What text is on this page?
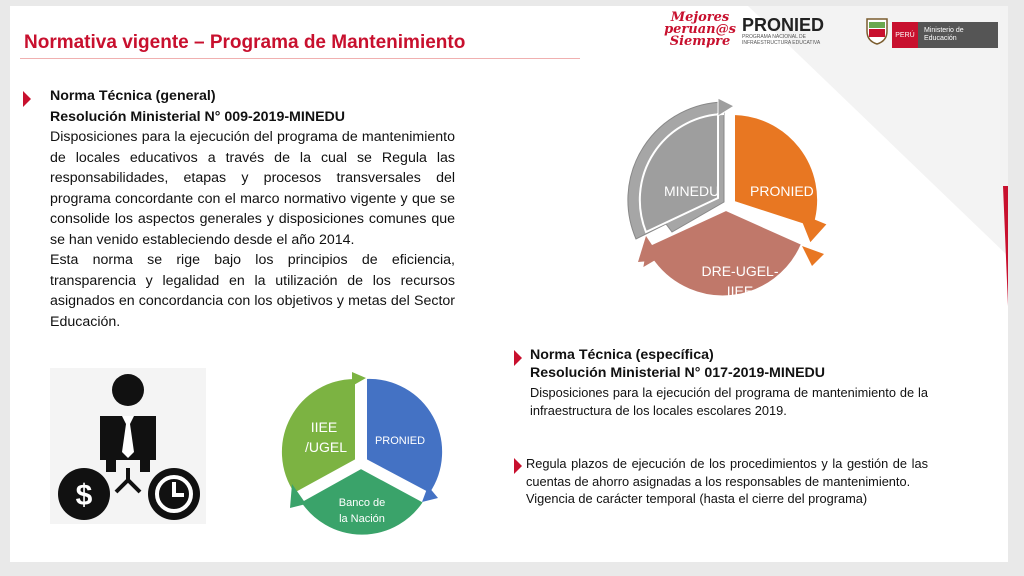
Normativa vigente – Programa de Mantenimiento
Mejores peruan@s Siempre
PRONIED
PROGRAMA NACIONAL DE INFRAESTRUCTURA EDUCATIVA
PERÚ
Ministerio de Educación
Norma Técnica (general)
Resolución Ministerial N° 009-2019-MINEDU
Disposiciones para la ejecución del programa de mantenimiento de locales educativos a través de la cual se Regula las responsabilidades, etapas y procesos transversales del programa concordante con el marco normativo vigente y que se consolide los aspectos generales y disposiciones comunes que se han venido estableciendo desde el año 2014.
Esta norma se rige bajo los principios de eficiencia, transparencia y legalidad en la utilización de los recursos asignados en concordancia con los objetivos y metas del Sector Educación.
MINEDU PRONIED
DRE-UGEL-
IIEE
$
IIEE
/UGEL	PRONIED
Banco de
la Nación
Norma Técnica (específica)
Resolución Ministerial N° 017-2019-MINEDU
Disposiciones para la ejecución del programa de mantenimiento de la infraestructura de los locales escolares 2019.
Regula plazos de ejecución de los procedimientos y la gestión de las cuentas de ahorro asignadas a los responsables de mantenimiento.
Vigencia de carácter temporal (hasta el cierre del programa)
